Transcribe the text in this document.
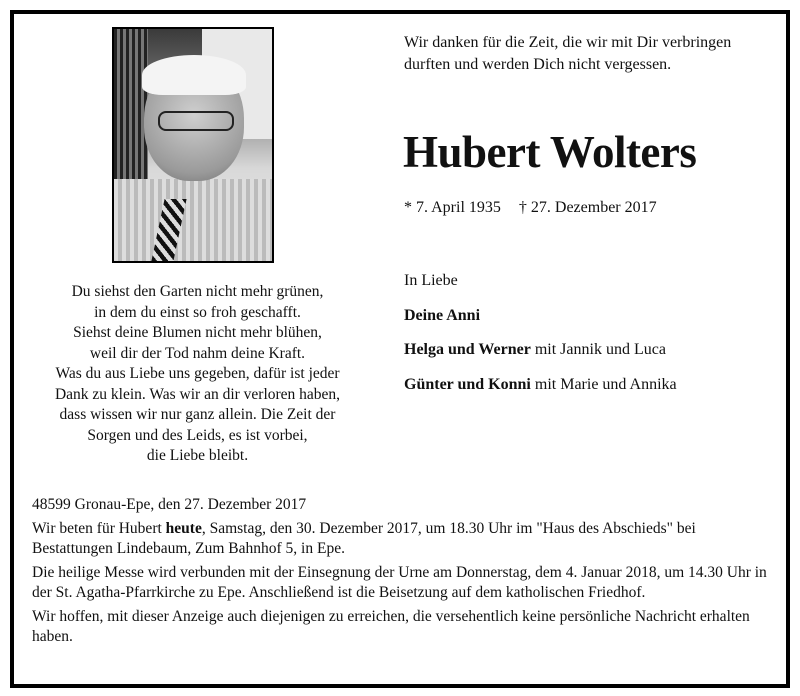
Wir danken für die Zeit, die wir mit Dir verbringen
durften und werden Dich nicht vergessen.
Hubert Wolters
* 7. April 1935 † 27. Dezember 2017
In Liebe
Deine Anni
Helga und Werner mit Jannik und Luca
Günter und Konni mit Marie und Annika
Du siehst den Garten nicht mehr grünen,
in dem du einst so froh geschafft.
Siehst deine Blumen nicht mehr blühen,
weil dir der Tod nahm deine Kraft.
Was du aus Liebe uns gegeben, dafür ist jeder
Dank zu klein. Was wir an dir verloren haben,
dass wissen wir nur ganz allein. Die Zeit der
Sorgen und des Leids, es ist vorbei,
die Liebe bleibt.

48599 Gronau-Epe, den 27. Dezember 2017

Wir beten für Hubert heute, Samstag, den 30. Dezember 2017, um 18.30 Uhr im "Haus des Abschieds" bei Bestattungen Lindebaum, Zum Bahnhof 5, in Epe.

Die heilige Messe wird verbunden mit der Einsegnung der Urne am Donnerstag, dem 4. Januar 2018, um 14.30 Uhr in der St. Agatha-Pfarrkirche zu Epe. Anschließend ist die Beisetzung auf dem katholischen Friedhof.

Wir hoffen, mit dieser Anzeige auch diejenigen zu erreichen, die versehentlich keine persönliche Nachricht erhalten haben.
